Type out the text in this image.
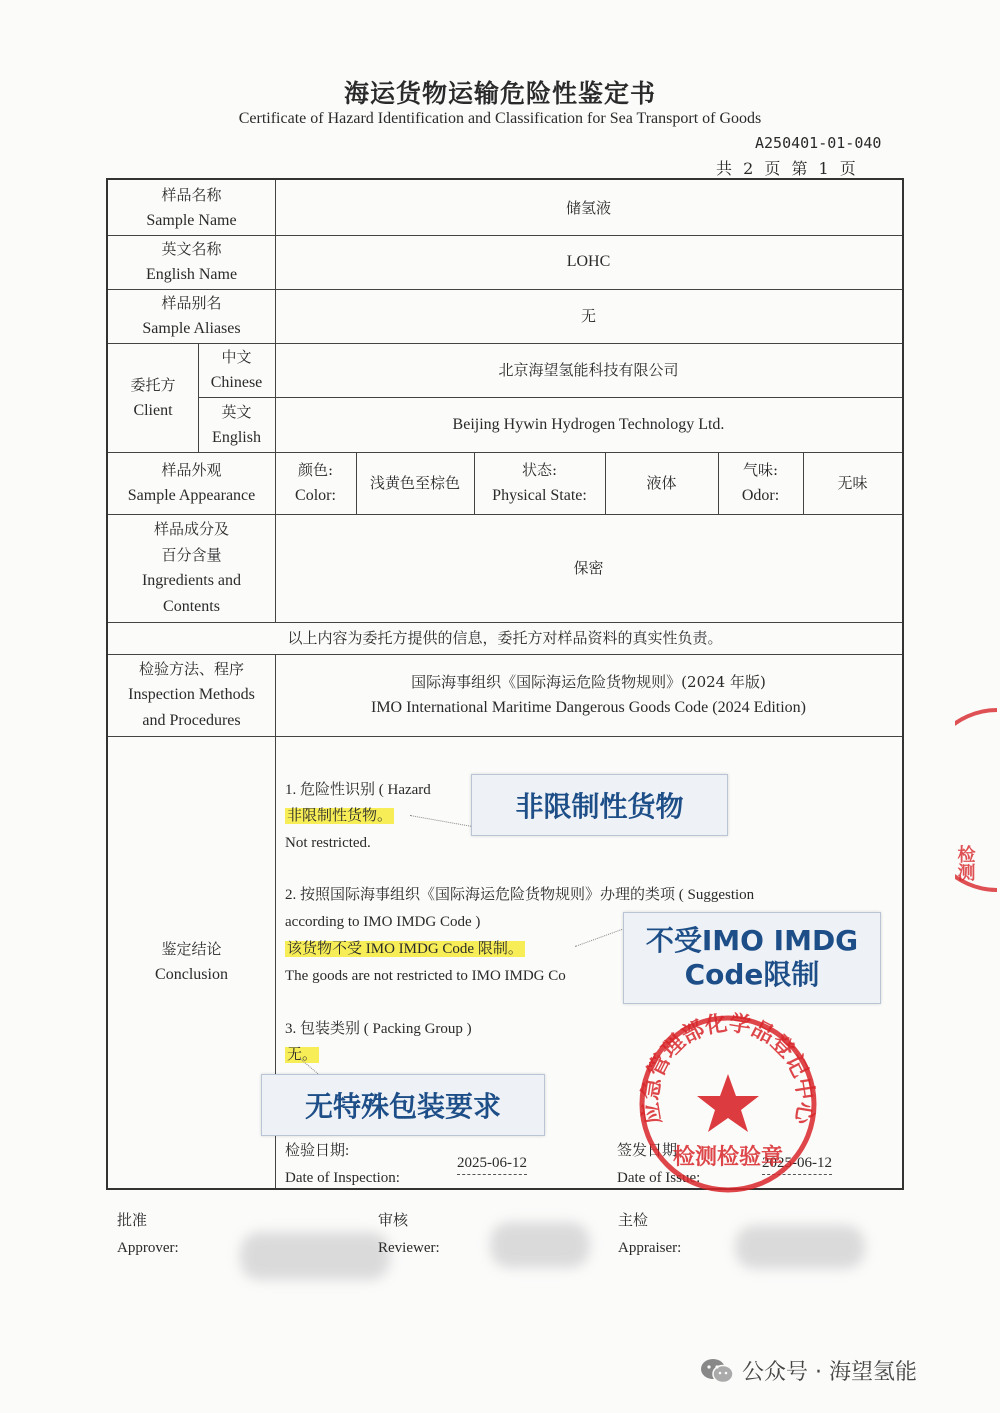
海运货物运输危险性鉴定书
Certificate of Hazard Identification and Classification for Sea Transport of Goods
A250401-01-040
共 2 页 第 1 页
样品名称
Sample Name
储氢液
英文名称
English Name
LOHC
样品别名
Sample Aliases
无
委托方
Client
中文
Chinese
北京海望氢能科技有限公司
英文
English
Beijing Hywin Hydrogen Technology Ltd.
样品外观
Sample Appearance
颜色:
Color:
浅黄色至棕色
状态:
Physical State:
液体
气味:
Odor:
无味
样品成分及
百分含量
Ingredients and
Contents
保密
以上内容为委托方提供的信息，委托方对样品资料的真实性负责。
检验方法、程序
Inspection Methods
and Procedures
国际海事组织《国际海运危险货物规则》(2024 年版)
IMO International Maritime Dangerous Goods Code (2024 Edition)
鉴定结论
Conclusion
1. 危险性识别 ( Hazard
非限制性货物。
Not restricted.
2. 按照国际海事组织《国际海运危险货物规则》办理的类项 ( Suggestion
according to IMO IMDG Code )
该货物不受 IMO IMDG Code 限制。
The goods are not restricted to IMO IMDG Co
3. 包装类别 ( Packing Group )
无。
检验日期:
Date of Inspection:
2025-06-12
签发日期
Date of Issue:
2025-06-12
非限制性货物
不受IMO IMDG
Code限制
无特殊包装要求	应急管理部化学品登记中心
检测检验章
检测
批准
Approver:
审核
Reviewer:
主检
Appraiser:
公众号 · 海望氢能
